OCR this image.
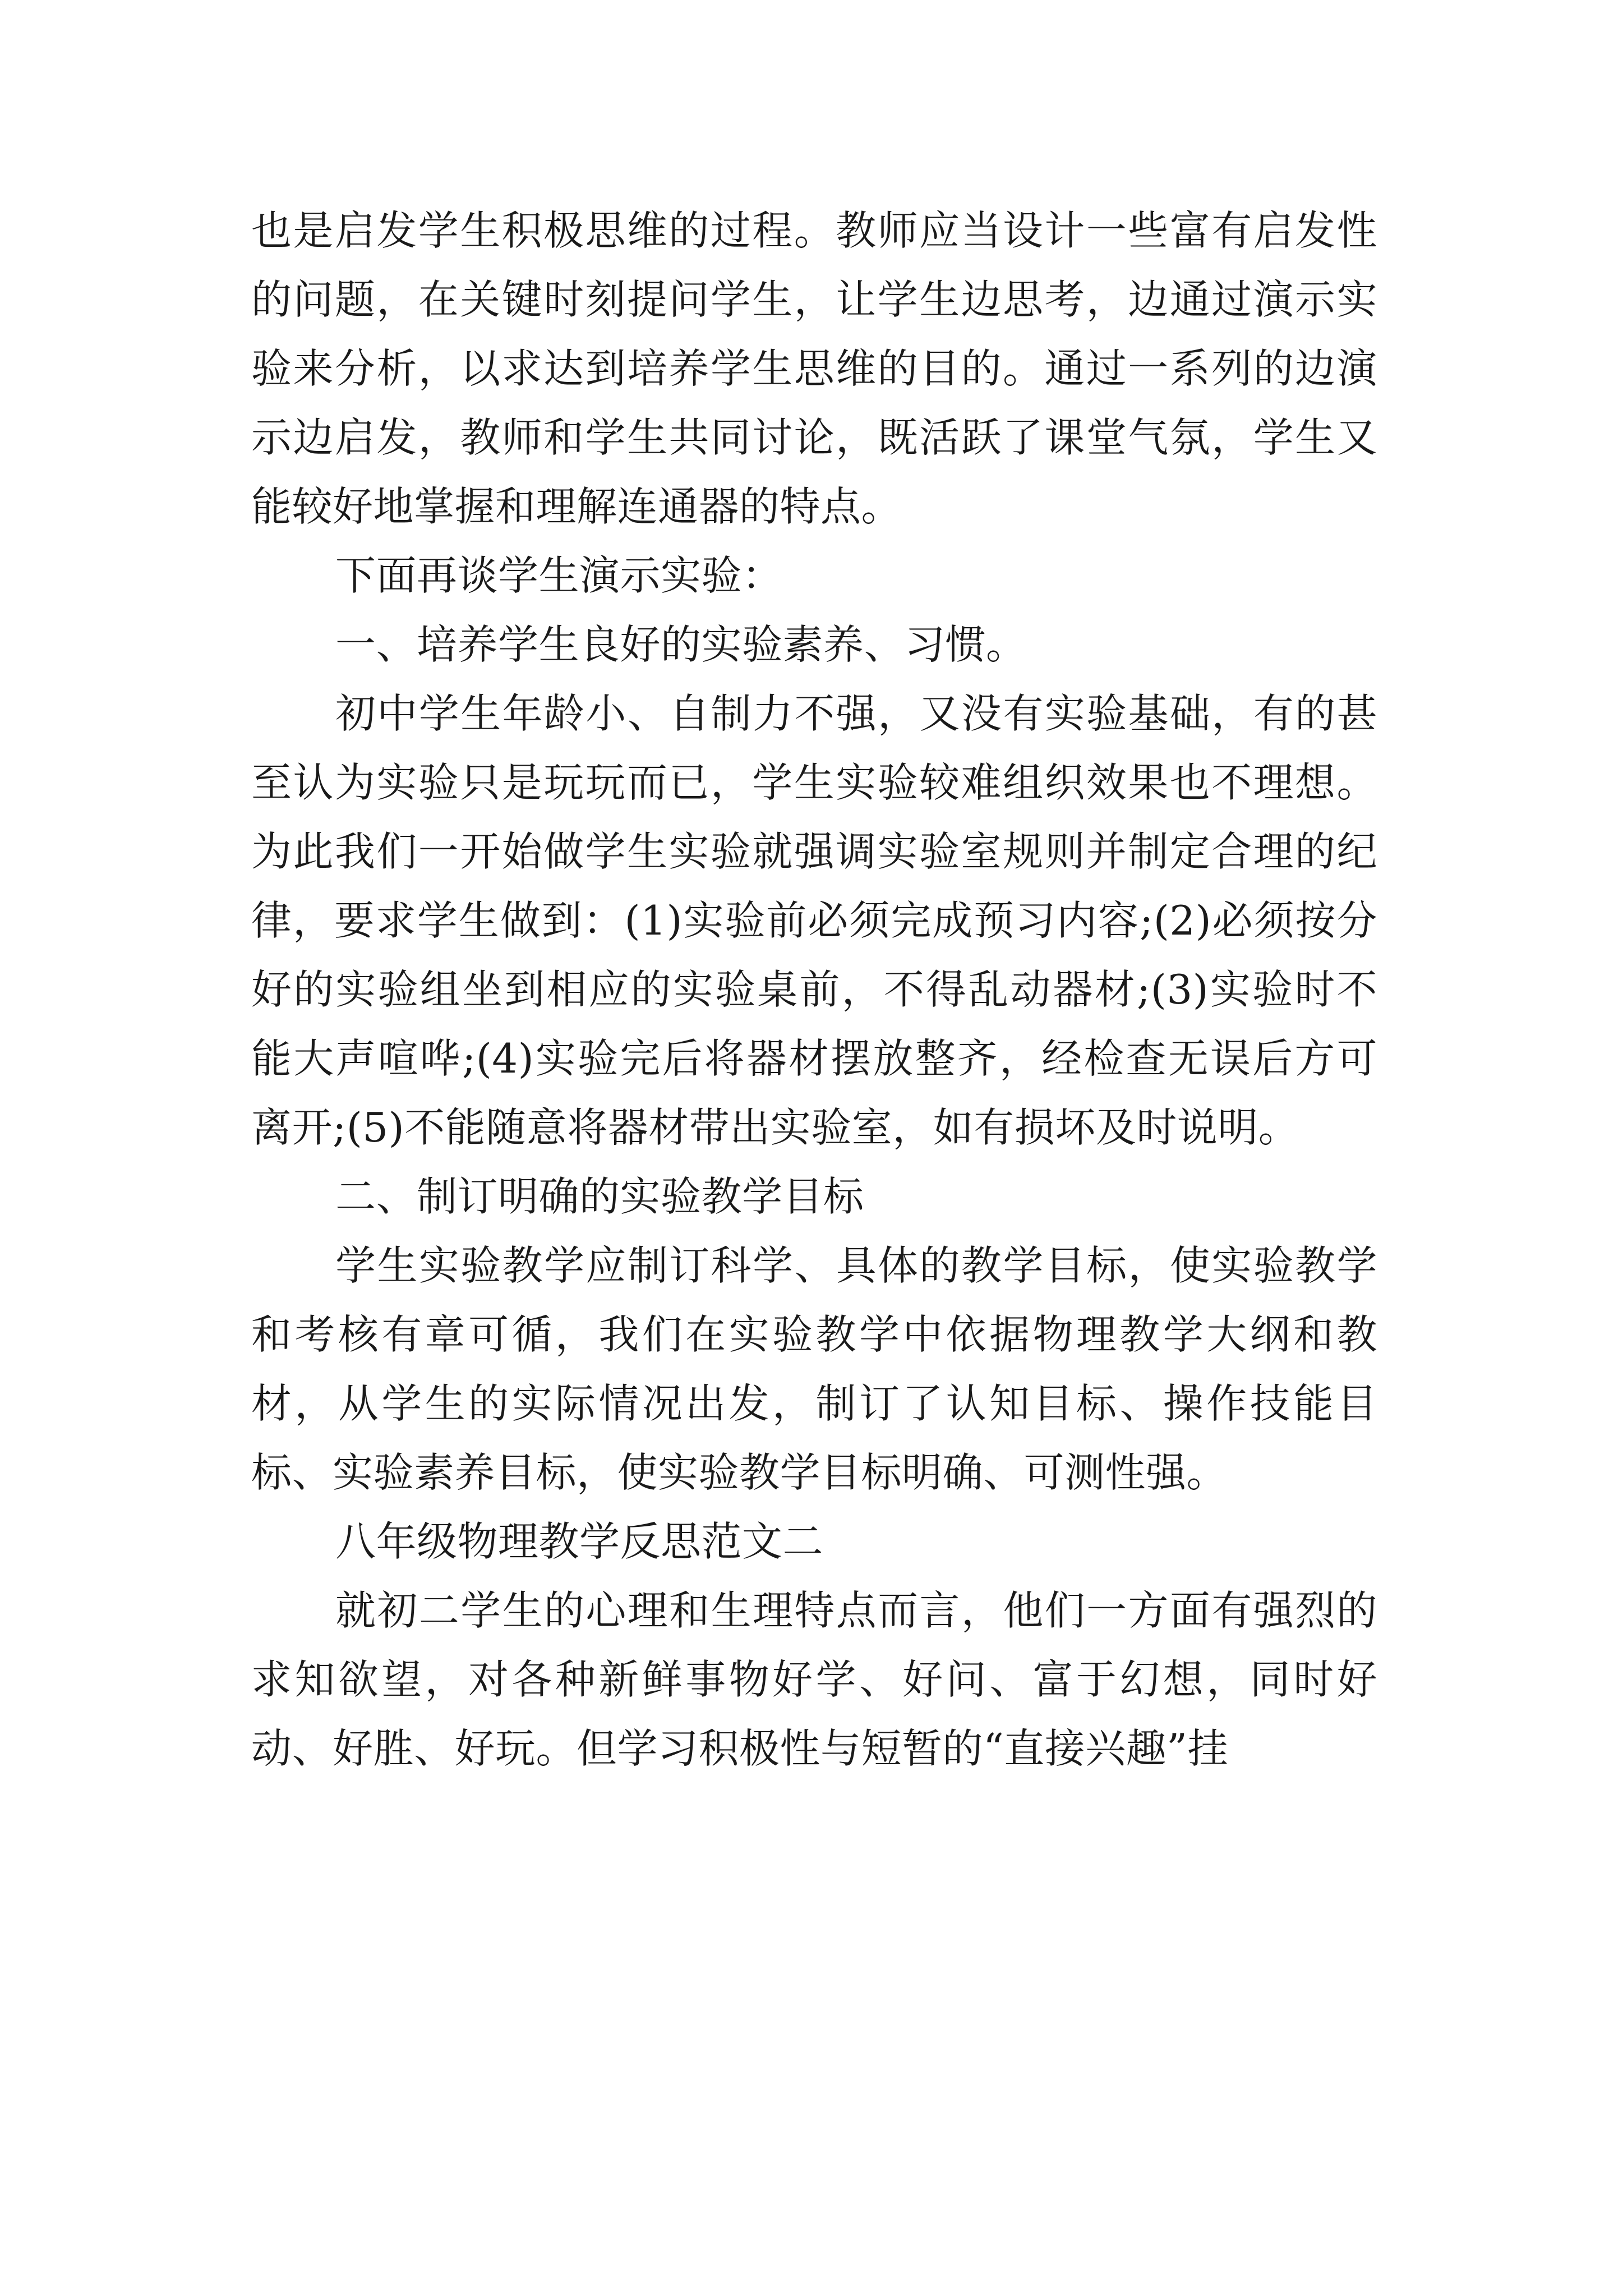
也是启发学生积极思维的过程。教师应当设计一些富有启发性的问题，在关键时刻提问学生，让学生边思考，边通过演示实验来分析，以求达到培养学生思维的目的。通过一系列的边演示边启发，教师和学生共同讨论，既活跃了课堂气氛，学生又能较好地掌握和理解连通器的特点。

下面再谈学生演示实验：

一、培养学生良好的实验素养、习惯。

初中学生年龄小、自制力不强，又没有实验基础，有的甚至认为实验只是玩玩而已，学生实验较难组织效果也不理想。为此我们一开始做学生实验就强调实验室规则并制定合理的纪律，要求学生做到：(1)实验前必须完成预习内容;(2)必须按分好的实验组坐到相应的实验桌前，不得乱动器材;(3)实验时不能大声喧哗;(4)实验完后将器材摆放整齐，经检查无误后方可离开;(5)不能随意将器材带出实验室，如有损坏及时说明。

二、制订明确的实验教学目标

学生实验教学应制订科学、具体的教学目标，使实验教学和考核有章可循，我们在实验教学中依据物理教学大纲和教材，从学生的实际情况出发，制订了认知目标、操作技能目标、实验素养目标，使实验教学目标明确、可测性强。

八年级物理教学反思范文二

就初二学生的心理和生理特点而言，他们一方面有强烈的求知欲望，对各种新鲜事物好学、好问、富于幻想，同时好动、好胜、好玩。但学习积极性与短暂的“直接兴趣”挂
